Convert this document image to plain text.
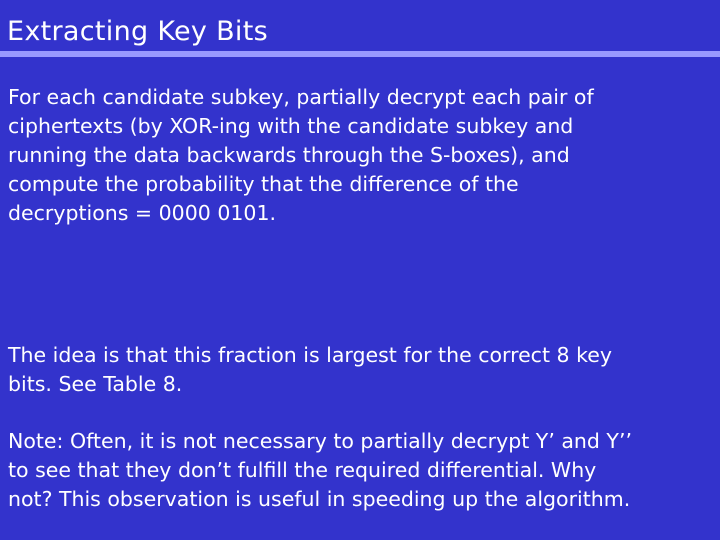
Extracting Key Bits
For each candidate subkey, partially decrypt each pair of
ciphertexts (by XOR-ing with the candidate subkey and
running the data backwards through the S-boxes), and
compute the probability that the difference of the
decryptions = 0000 0101.
The idea is that this fraction is largest for the correct 8 key
bits. See Table 8.
Note: Often, it is not necessary to partially decrypt Y’ and Y’’
to see that they don’t fulfill the required differential. Why
not? This observation is useful in speeding up the algorithm.
